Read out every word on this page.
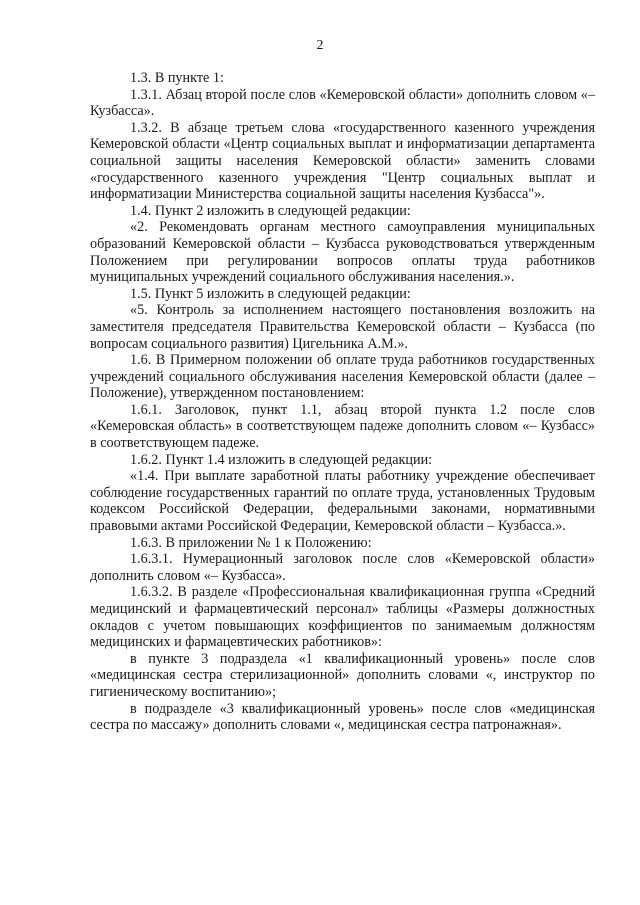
2

1.3. В пункте 1:

1.3.1. Абзац второй после слов «Кемеровской области» дополнить словом «– Кузбасса».

1.3.2. В абзаце третьем слова «государственного казенного учреждения Кемеровской области «Центр социальных выплат и информатизации департамента социальной защиты населения Кемеровской области» заменить словами «государственного казенного учреждения "Центр социальных выплат и информатизации Министерства социальной защиты населения Кузбасса"».

1.4. Пункт 2 изложить в следующей редакции:

«2. Рекомендовать органам местного самоуправления муниципальных образований Кемеровской области – Кузбасса руководствоваться утвержденным Положением при регулировании вопросов оплаты труда работников муниципальных учреждений социального обслуживания населения.».

1.5. Пункт 5 изложить в следующей редакции:

«5. Контроль за исполнением настоящего постановления возложить на заместителя председателя Правительства Кемеровской области – Кузбасса (по вопросам социального развития) Цигельника А.М.».

1.6. В Примерном положении об оплате труда работников государственных учреждений социального обслуживания населения Кемеровской области (далее – Положение), утвержденном постановлением:

1.6.1. Заголовок, пункт 1.1, абзац второй пункта 1.2 после слов «Кемеровская область» в соответствующем падеже дополнить словом «– Кузбасс» в соответствующем падеже.

1.6.2. Пункт 1.4 изложить в следующей редакции:

«1.4. При выплате заработной платы работнику учреждение обеспечивает соблюдение государственных гарантий по оплате труда, установленных Трудовым кодексом Российской Федерации, федеральными законами, нормативными правовыми актами Российской Федерации, Кемеровской области – Кузбасса.».

1.6.3. В приложении № 1 к Положению:

1.6.3.1. Нумерационный заголовок после слов «Кемеровской области» дополнить словом «– Кузбасса».

1.6.3.2. В разделе «Профессиональная квалификационная группа «Средний медицинский и фармацевтический персонал» таблицы «Размеры должностных окладов с учетом повышающих коэффициентов по занимаемым должностям медицинских и фармацевтических работников»:

в пункте 3 подраздела «1 квалификационный уровень» после слов «медицинская сестра стерилизационной» дополнить словами «, инструктор по гигиеническому воспитанию»;

в подразделе «3 квалификационный уровень» после слов «медицинская сестра по массажу» дополнить словами «, медицинская сестра патронажная».
